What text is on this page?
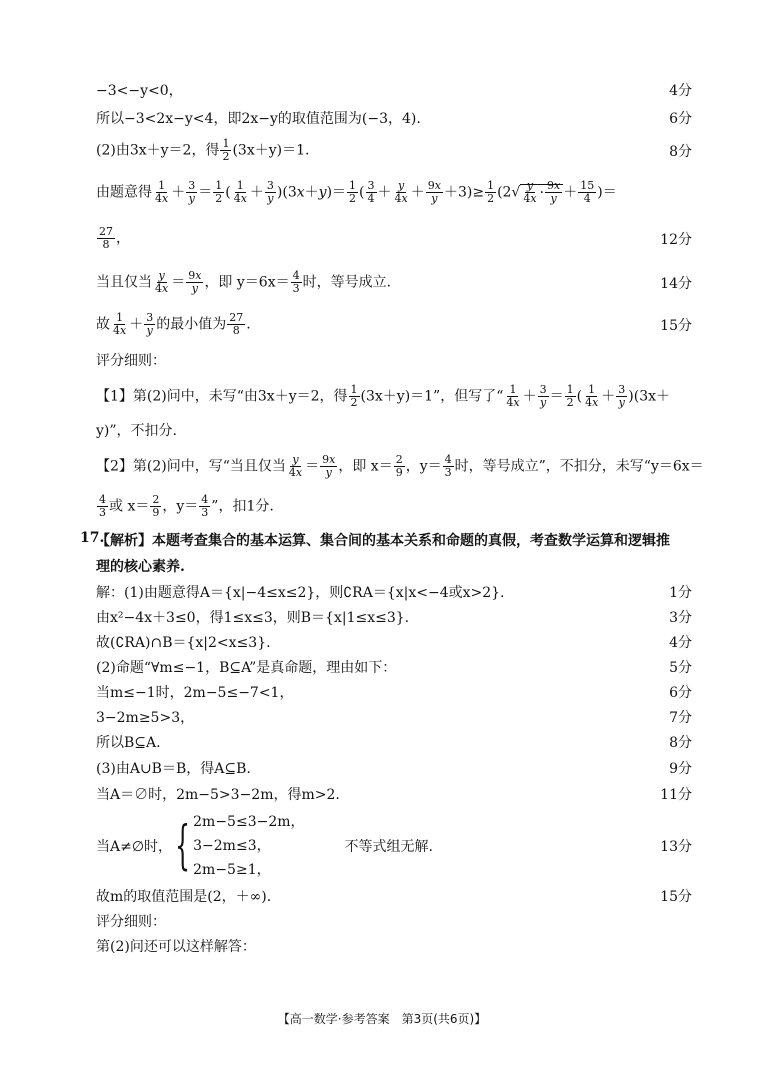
−3<−y<0，	4分
所以−3<2x−y<4，即2x−y的取值范围为(−3，4).	6分
(2)由3x＋y＝2，得 $\frac{1}{2} (3x+y)=1$.	8分
由题意得 $\frac{1}{4x} + \frac{3}{y} = \frac{1}{2}$ ( $\frac{1}{4x} + \frac{3}{y} )(3x+y)= \frac{1}{2}$ ( $\frac{3}{4} + \frac{y}{4x} + \frac{9x}{y} +3)\ge \frac{1}{2} (2√ \frac{y}{4x} \cdot \frac{9x}{y} + \frac{15}{4}$ )＝
$\frac{27}{8}$ ，	12分
当且仅当 $\frac{y}{4x} = \frac{9x}{y}$ ，即 $y=6x= \frac{4}{3}$ 时，等号成立.	14分
故 $\frac{1}{4x} + \frac{3}{y}$ 的最小值为 $\frac{27}{8}$ .	15分
评分细则：
【1】第(2)问中，未写“由3x＋y＝2，得 $\frac{1}{2} (3x+y)=1$”，但写了“ $\frac{1}{4x} + \frac{3}{y} = \frac{1}{2}$ ( $\frac{1}{4x} + \frac{3}{y} )(3x+$
y)”，不扣分.
【2】第(2)问中，写“当且仅当 $\frac{y}{4x} = \frac{9x}{y}$ ，即 $x= \frac{2}{9}$ ，$y= \frac{4}{3}$ 时，等号成立”，不扣分，未写“y＝6x＝
$\frac{4}{3}$ 或 $x= \frac{2}{9}$ ，$y= \frac{4}{3}$ ”，扣1分.
17.
【解析】本题考查集合的基本运算、集合间的基本关系和命题的真假，考查数学运算和逻辑推
理的核心素养.
解：(1)由题意得A＝{x|−4≤x≤2}，则∁RA＝{x|x<−4或x>2}.	1分
由x²−4x＋3≤0，得1≤x≤3，则B＝{x|1≤x≤3}.	3分
故(∁RA)∩B＝{x|2<x≤3}.	4分
(2)命题“∀m≤−1，B⊆A”是真命题，理由如下：	5分
当m≤−1时，2m−5≤−7<1，	6分
3−2m≥5>3，	7分
所以B⊆A.	8分
(3)由A∪B＝B，得A⊆B.	9分
当A＝∅时，2m−5>3−2m，得m>2.	11分
当A≠∅时， { 2m−5≤3−2m，
3−2m≤3，
2m−5≥1，
不等式组无解.	13分
故m的取值范围是(2，＋∞).	15分
评分细则：
第(2)问还可以这样解答：
【高一数学·参考答案　第3页(共6页)】
